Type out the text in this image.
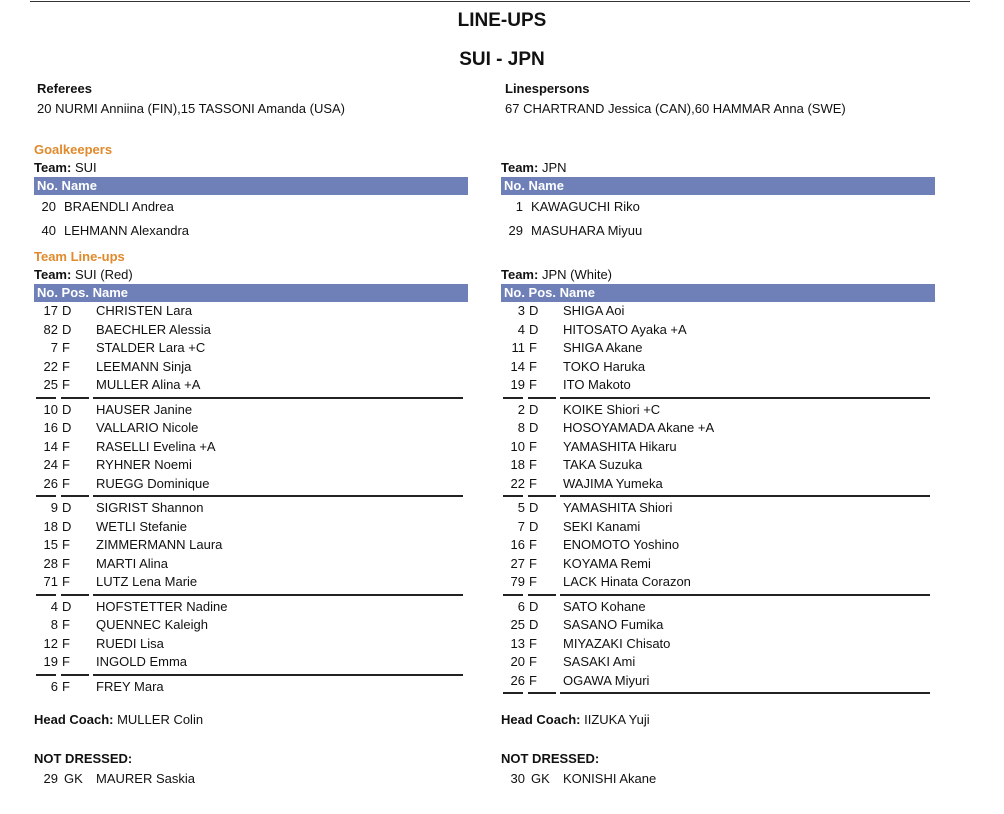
LINE-UPS
SUI - JPN
Referees
20 NURMI Anniina (FIN),15 TASSONI Amanda (USA)
Linespersons
67 CHARTRAND Jessica (CAN),60 HAMMAR Anna (SWE)
Goalkeepers
Team: SUI
No. Name
20 BRAENDLI Andrea
40 LEHMANN Alexandra
Team Line-ups
Team: SUI (Red)
No. Pos. Name
17 D CHRISTEN Lara
82 D BAECHLER Alessia
7 F STALDER Lara +C
22 F LEEMANN Sinja
25 F MULLER Alina +A
10 D HAUSER Janine
16 D VALLARIO Nicole
14 F RASELLI Evelina +A
24 F RYHNER Noemi
26 F RUEGG Dominique
9 D SIGRIST Shannon
18 D WETLI Stefanie
15 F ZIMMERMANN Laura
28 F MARTI Alina
71 F LUTZ Lena Marie
4 D HOFSTETTER Nadine
8 F QUENNEC Kaleigh
12 F RUEDI Lisa
19 F INGOLD Emma
6 F FREY Mara
Head Coach: MULLER Colin
NOT DRESSED:
29 GK MAURER Saskia
Team: JPN
No. Name
1 KAWAGUCHI Riko
29 MASUHARA Miyuu
Team: JPN (White)
No. Pos. Name
3 D SHIGA Aoi
4 D HITOSATO Ayaka +A
11 F SHIGA Akane
14 F TOKO Haruka
19 F ITO Makoto
2 D KOIKE Shiori +C
8 D HOSOYAMADA Akane +A
10 F YAMASHITA Hikaru
18 F TAKA Suzuka
22 F WAJIMA Yumeka
5 D YAMASHITA Shiori
7 D SEKI Kanami
16 F ENOMOTO Yoshino
27 F KOYAMA Remi
79 F LACK Hinata Corazon
6 D SATO Kohane
25 D SASANO Fumika
13 F MIYAZAKI Chisato
20 F SASAKI Ami
26 F OGAWA Miyuri
Head Coach: IIZUKA Yuji
NOT DRESSED:
30 GK KONISHI Akane
